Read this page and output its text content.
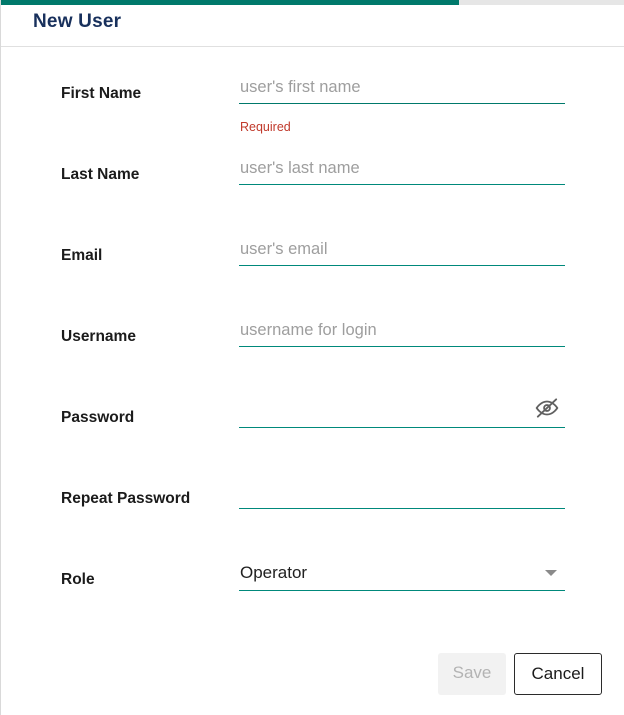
New User
First Name
user's first name
Required
Last Name
user's last name
Email
user's email
Username
username for login
Password
Repeat Password
Role	Operator
Save	Cancel
